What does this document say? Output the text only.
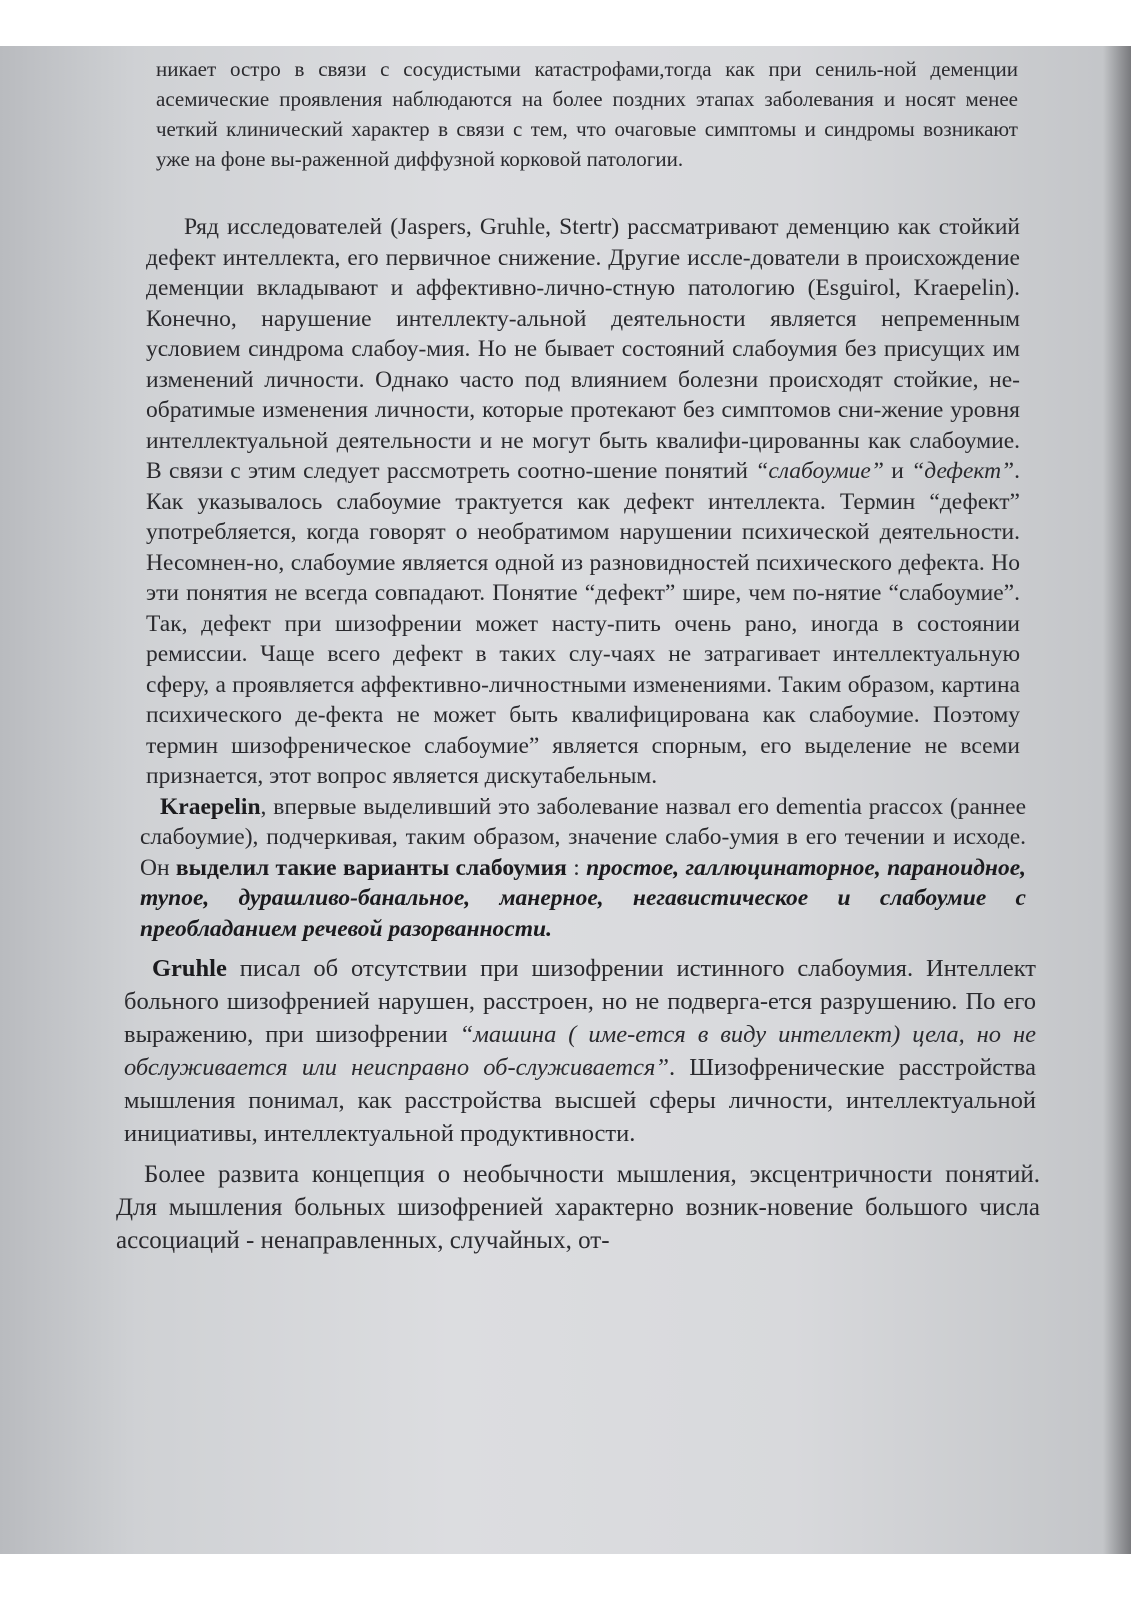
никает остро в связи с сосудистыми катастрофами,тогда как при сениль-ной деменции асемические проявления наблюдаются на более поздних этапах заболевания и носят менее четкий клинический характер в связи с тем, что очаговые симптомы и синдромы возникают уже на фоне вы-раженной диффузной корковой патологии.

Ряд исследователей (Jaspers, Gruhle, Stertr) рассматривают деменцию как стойкий дефект интеллекта, его первичное снижение. Другие иссле-дователи в происхождение деменции вкладывают и аффективно-лично-стную патологию (Esguirol, Kraepelin). Конечно, нарушение интеллекту-альной деятельности является непременным условием синдрома слабоу-мия. Но не бывает состояний слабоумия без присущих им изменений личности. Однако часто под влиянием болезни происходят стойкие, не-обратимые изменения личности, которые протекают без симптомов сни-жение уровня интеллектуальной деятельности и не могут быть квалифи-цированны как слабоумие. В связи с этим следует рассмотреть соотно-шение понятий “слабоумие” и “дефект”. Как указывалось слабоумие трактуется как дефект интеллекта. Термин “дефект” употребляется, когда говорят о необратимом нарушении психической деятельности. Несомнен-но, слабоумие является одной из разновидностей психического дефекта. Но эти понятия не всегда совпадают. Понятие “дефект” шире, чем по-нятие “слабоумие”. Так, дефект при шизофрении может насту-пить очень рано, иногда в состоянии ремиссии. Чаще всего дефект в таких слу-чаях не затрагивает интеллектуальную сферу, а проявляется аффективно-личностными изменениями. Таким образом, картина психического де-фекта не может быть квалифицирована как слабоумие. Поэтому термин шизофреническое слабоумие” является спорным, его выделение не всеми признается, этот вопрос является дискутабельным.

Kraepelin, впервые выделивший это заболевание назвал его dementia praccox (раннее слабоумие), подчеркивая, таким образом, значение слабо-умия в его течении и исходе. Он выделил такие варианты слабоумия : простое, галлюцинаторное, параноидное, тупое, дурашливо-банальное, манерное, негавистическое и слабоумие с преобладанием речевой разорванности.

Gruhle писал об отсутствии при шизофрении истинного слабоумия. Интеллект больного шизофренией нарушен, расстроен, но не подверга-ется разрушению. По его выражению, при шизофрении “машина ( име-ется в виду интеллект) цела, но не обслуживается или неисправно об-служивается”. Шизофренические расстройства мышления понимал, как расстройства высшей сферы личности, интеллектуальной инициативы, интеллектуальной продуктивности.

Более развита концепция о необычности мышления, эксцентричности понятий. Для мышления больных шизофренией характерно возник-новение большого числа ассоциаций - ненаправленных, случайных, от-
